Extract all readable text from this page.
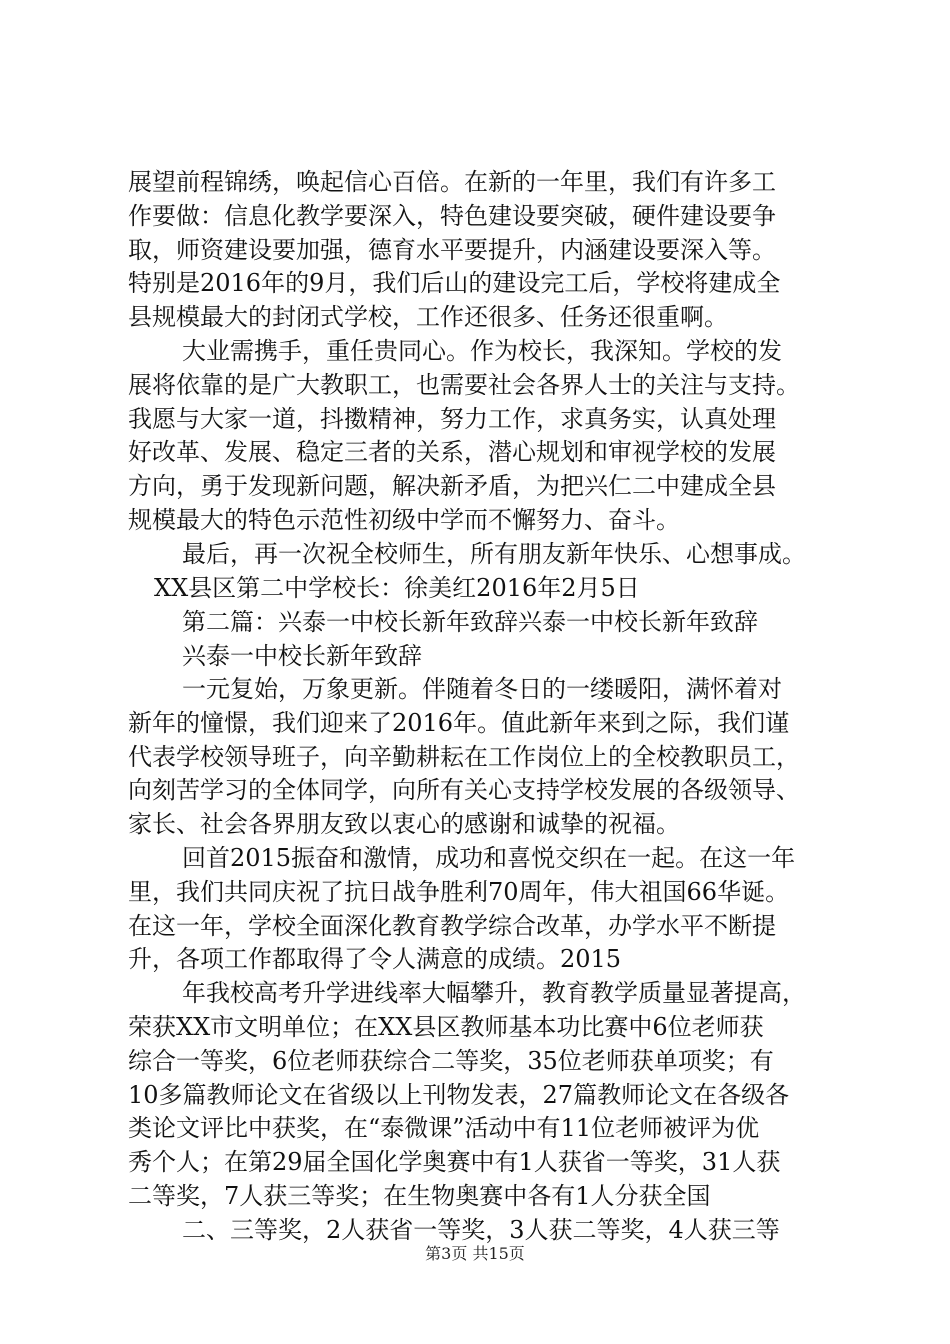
展望前程锦绣，唤起信心百倍。在新的一年里，我们有许多工
作要做：信息化教学要深入，特色建设要突破，硬件建设要争
取，师资建设要加强，德育水平要提升，内涵建设要深入等。
特别是2016年的9月，我们后山的建设完工后，学校将建成全
县规模最大的封闭式学校，工作还很多、任务还很重啊。

大业需携手，重任贵同心。作为校长，我深知。学校的发
展将依靠的是广大教职工，也需要社会各界人士的关注与支持。
我愿与大家一道，抖擞精神，努力工作，求真务实，认真处理
好改革、发展、稳定三者的关系，潜心规划和审视学校的发展
方向，勇于发现新问题，解决新矛盾，为把兴仁二中建成全县
规模最大的特色示范性初级中学而不懈努力、奋斗。

最后，再一次祝全校师生，所有朋友新年快乐、心想事成。

XX县区第二中学校长：徐美红2016年2月5日
第二篇：兴泰一中校长新年致辞兴泰一中校长新年致辞
兴泰一中校长新年致辞

一元复始，万象更新。伴随着冬日的一缕暖阳，满怀着对
新年的憧憬，我们迎来了2016年。值此新年来到之际，我们谨
代表学校领导班子，向辛勤耕耘在工作岗位上的全校教职员工，
向刻苦学习的全体同学，向所有关心支持学校发展的各级领导、
家长、社会各界朋友致以衷心的感谢和诚挚的祝福。

回首2015振奋和激情，成功和喜悦交织在一起。在这一年
里，我们共同庆祝了抗日战争胜利70周年，伟大祖国66华诞。
在这一年，学校全面深化教育教学综合改革，办学水平不断提
升，各项工作都取得了令人满意的成绩。2015

年我校高考升学进线率大幅攀升，教育教学质量显著提高，
荣获XX市文明单位；在XX县区教师基本功比赛中6位老师获
综合一等奖，6位老师获综合二等奖，35位老师获单项奖；有
10多篇教师论文在省级以上刊物发表，27篇教师论文在各级各
类论文评比中获奖，在“泰微课”活动中有11位老师被评为优
秀个人；在第29届全国化学奥赛中有1人获省一等奖，31人获
二等奖，7人获三等奖；在生物奥赛中各有1人分获全国

二、三等奖，2人获省一等奖，3人获二等奖，4人获三等

第3页 共15页
